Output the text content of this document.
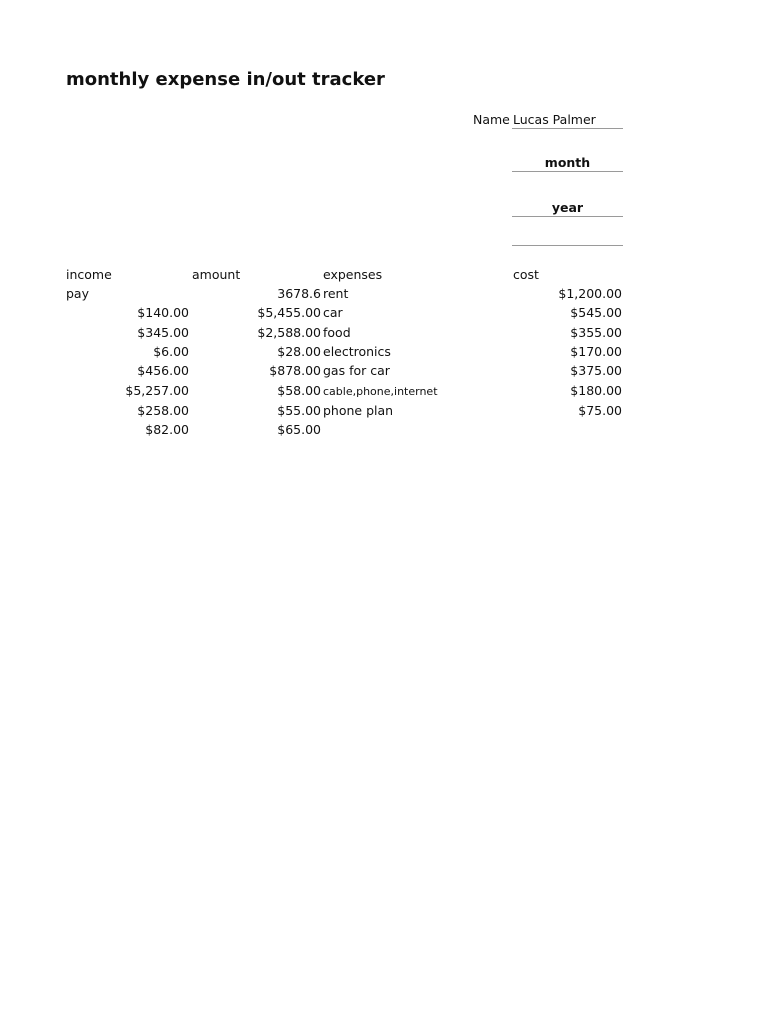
monthly expense in/out tracker
Name Lucas Palmer
month
year
income	amount	expenses	cost
pay	3678.6 rent	$1,200.00
$140.00	$5,455.00 car	$545.00
$345.00	$2,588.00 food	$355.00
$6.00	$28.00 electronics	$170.00
$456.00	$878.00 gas for car	$375.00
$5,257.00	$58.00 cable,phone,internet	$180.00
$258.00	$55.00 phone plan	$75.00
$82.00	$65.00
